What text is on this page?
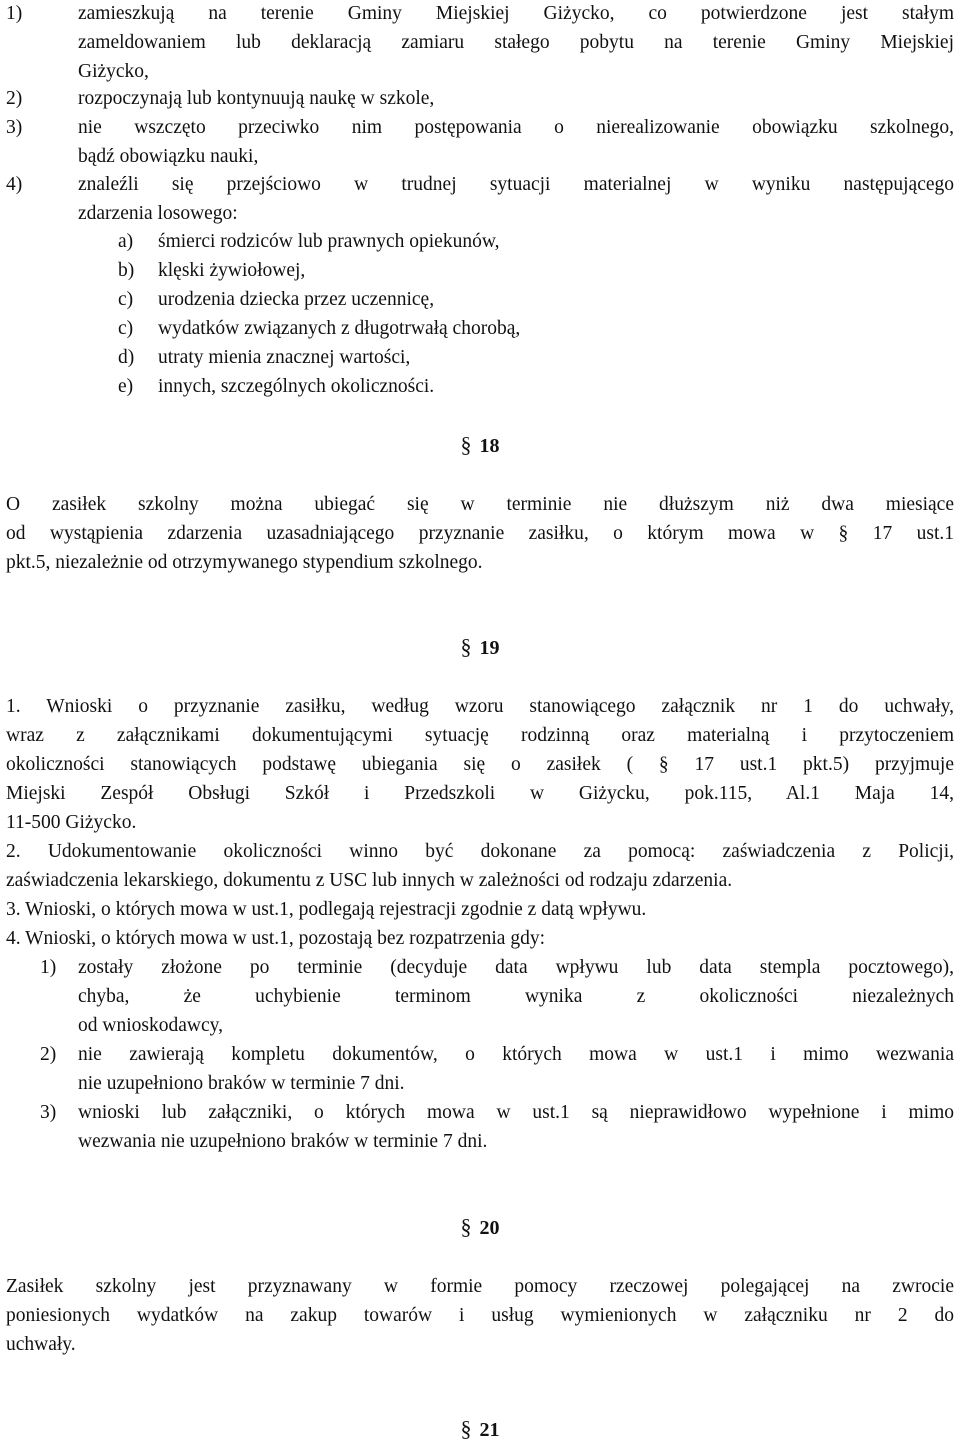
1)	zamieszkują na terenie Gminy Miejskiej Giżycko, co potwierdzone jest stałym
zameldowaniem lub deklaracją zamiaru stałego pobytu na terenie Gminy Miejskiej
Giżycko,
2)	rozpoczynają lub kontynuują naukę w szkole,
3)	nie wszczęto przeciwko nim postępowania o nierealizowanie obowiązku szkolnego,
bądź obowiązku nauki,
4)	znaleźli się przejściowo w trudnej sytuacji materialnej w wyniku następującego
zdarzenia losowego:
a) śmierci rodziców lub prawnych opiekunów,
b) klęski żywiołowej,
c) urodzenia dziecka przez uczennicę,
c) wydatków związanych z długotrwałą chorobą,
d) utraty mienia znacznej wartości,
e) innych, szczególnych okoliczności.
§ 18
O zasiłek szkolny można ubiegać się w terminie nie dłuższym niż dwa miesiące
od wystąpienia zdarzenia uzasadniającego przyznanie zasiłku, o którym mowa w § 17 ust.1
pkt.5, niezależnie od otrzymywanego stypendium szkolnego.
§ 19
1. Wnioski o przyznanie zasiłku, według wzoru stanowiącego załącznik nr 1 do uchwały,
wraz z załącznikami dokumentującymi sytuację rodzinną oraz materialną i przytoczeniem
okoliczności stanowiących podstawę ubiegania się o zasiłek ( § 17 ust.1 pkt.5) przyjmuje
Miejski Zespół Obsługi Szkół i Przedszkoli w Giżycku, pok.115, Al.1 Maja 14,
11-500 Giżycko.
2. Udokumentowanie okoliczności winno być dokonane za pomocą: zaświadczenia z Policji,
zaświadczenia lekarskiego, dokumentu z USC lub innych w zależności od rodzaju zdarzenia.
3. Wnioski, o których mowa w ust.1, podlegają rejestracji zgodnie z datą wpływu.
4. Wnioski, o których mowa w ust.1, pozostają bez rozpatrzenia gdy:
1) zostały złożone po terminie (decyduje data wpływu lub data stempla pocztowego),
chyba, że uchybienie terminom wynika z okoliczności niezależnych
od wnioskodawcy,
2) nie zawierają kompletu dokumentów, o których mowa w ust.1 i mimo wezwania
nie uzupełniono braków w terminie 7 dni.
3) wnioski lub załączniki, o których mowa w ust.1 są nieprawidłowo wypełnione i mimo
wezwania nie uzupełniono braków w terminie 7 dni.
§ 20
Zasiłek szkolny jest przyznawany w formie pomocy rzeczowej polegającej na zwrocie
poniesionych wydatków na zakup towarów i usług wymienionych w załączniku nr 2 do
uchwały.
§ 21
